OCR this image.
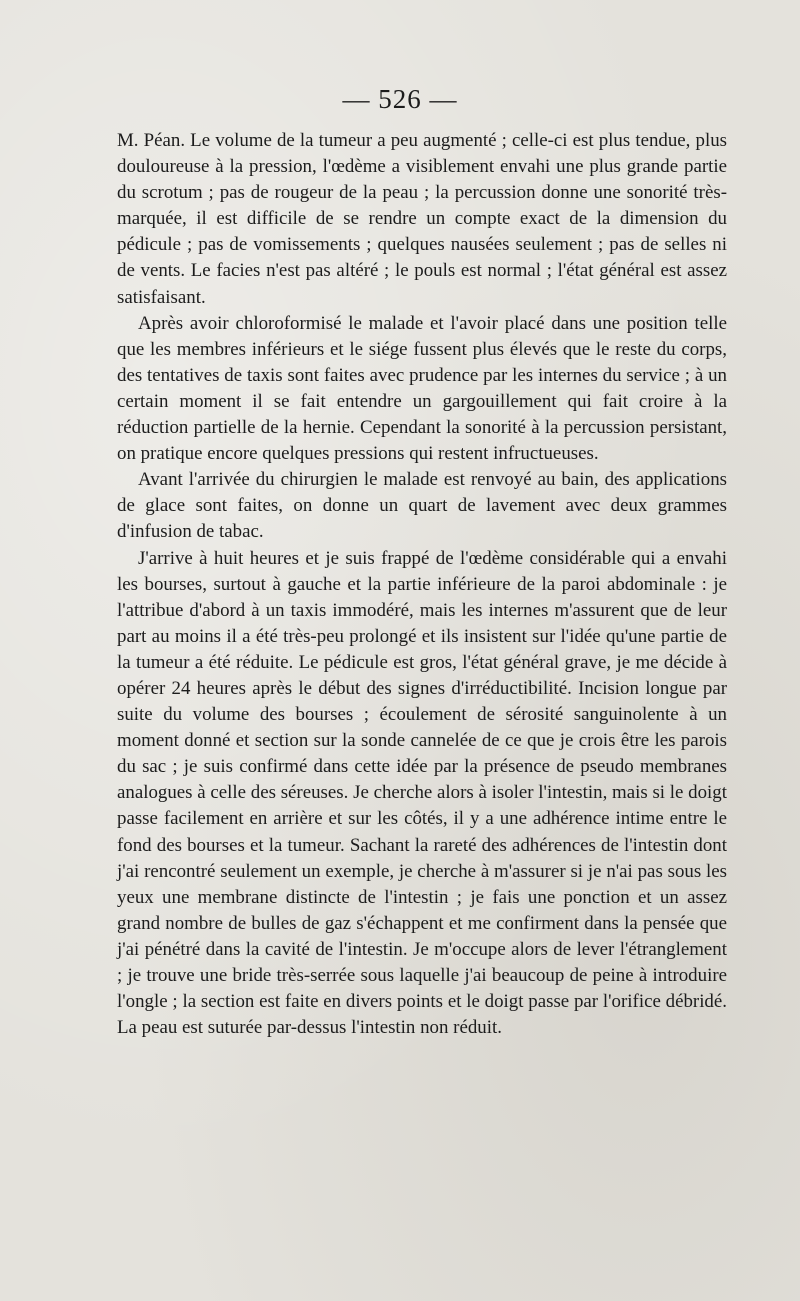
— 526 —

M. Péan. Le volume de la tumeur a peu augmenté ; celle-ci est plus tendue, plus douloureuse à la pression, l'œdème a visiblement envahi une plus grande partie du scrotum ; pas de rougeur de la peau ; la percussion donne une sonorité très-marquée, il est difficile de se rendre un compte exact de la dimension du pédicule ; pas de vomissements ; quelques nausées seulement ; pas de selles ni de vents. Le facies n'est pas altéré ; le pouls est normal ; l'état général est assez satisfaisant.

Après avoir chloroformisé le malade et l'avoir placé dans une position telle que les membres inférieurs et le siége fussent plus élevés que le reste du corps, des tentatives de taxis sont faites avec prudence par les internes du service ; à un certain moment il se fait entendre un gargouillement qui fait croire à la réduction partielle de la hernie. Cependant la sonorité à la percussion persistant, on pratique encore quelques pressions qui restent infructueuses.

Avant l'arrivée du chirurgien le malade est renvoyé au bain, des applications de glace sont faites, on donne un quart de lavement avec deux grammes d'infusion de tabac.

J'arrive à huit heures et je suis frappé de l'œdème considérable qui a envahi les bourses, surtout à gauche et la partie inférieure de la paroi abdominale : je l'attribue d'abord à un taxis immodéré, mais les internes m'assurent que de leur part au moins il a été très-peu prolongé et ils insistent sur l'idée qu'une partie de la tumeur a été réduite. Le pédicule est gros, l'état général grave, je me décide à opérer 24 heures après le début des signes d'irréductibilité. Incision longue par suite du volume des bourses ; écoulement de sérosité sanguinolente à un moment donné et section sur la sonde cannelée de ce que je crois être les parois du sac ; je suis confirmé dans cette idée par la présence de pseudo membranes analogues à celle des séreuses. Je cherche alors à isoler l'intestin, mais si le doigt passe facilement en arrière et sur les côtés, il y a une adhérence intime entre le fond des bourses et la tumeur. Sachant la rareté des adhérences de l'intestin dont j'ai rencontré seulement un exemple, je cherche à m'assurer si je n'ai pas sous les yeux une membrane distincte de l'intestin ; je fais une ponction et un assez grand nombre de bulles de gaz s'échappent et me confirment dans la pensée que j'ai pénétré dans la cavité de l'intestin. Je m'occupe alors de lever l'étranglement ; je trouve une bride très-serrée sous laquelle j'ai beaucoup de peine à introduire l'ongle ; la section est faite en divers points et le doigt passe par l'orifice débridé. La peau est suturée par-dessus l'intestin non réduit.
